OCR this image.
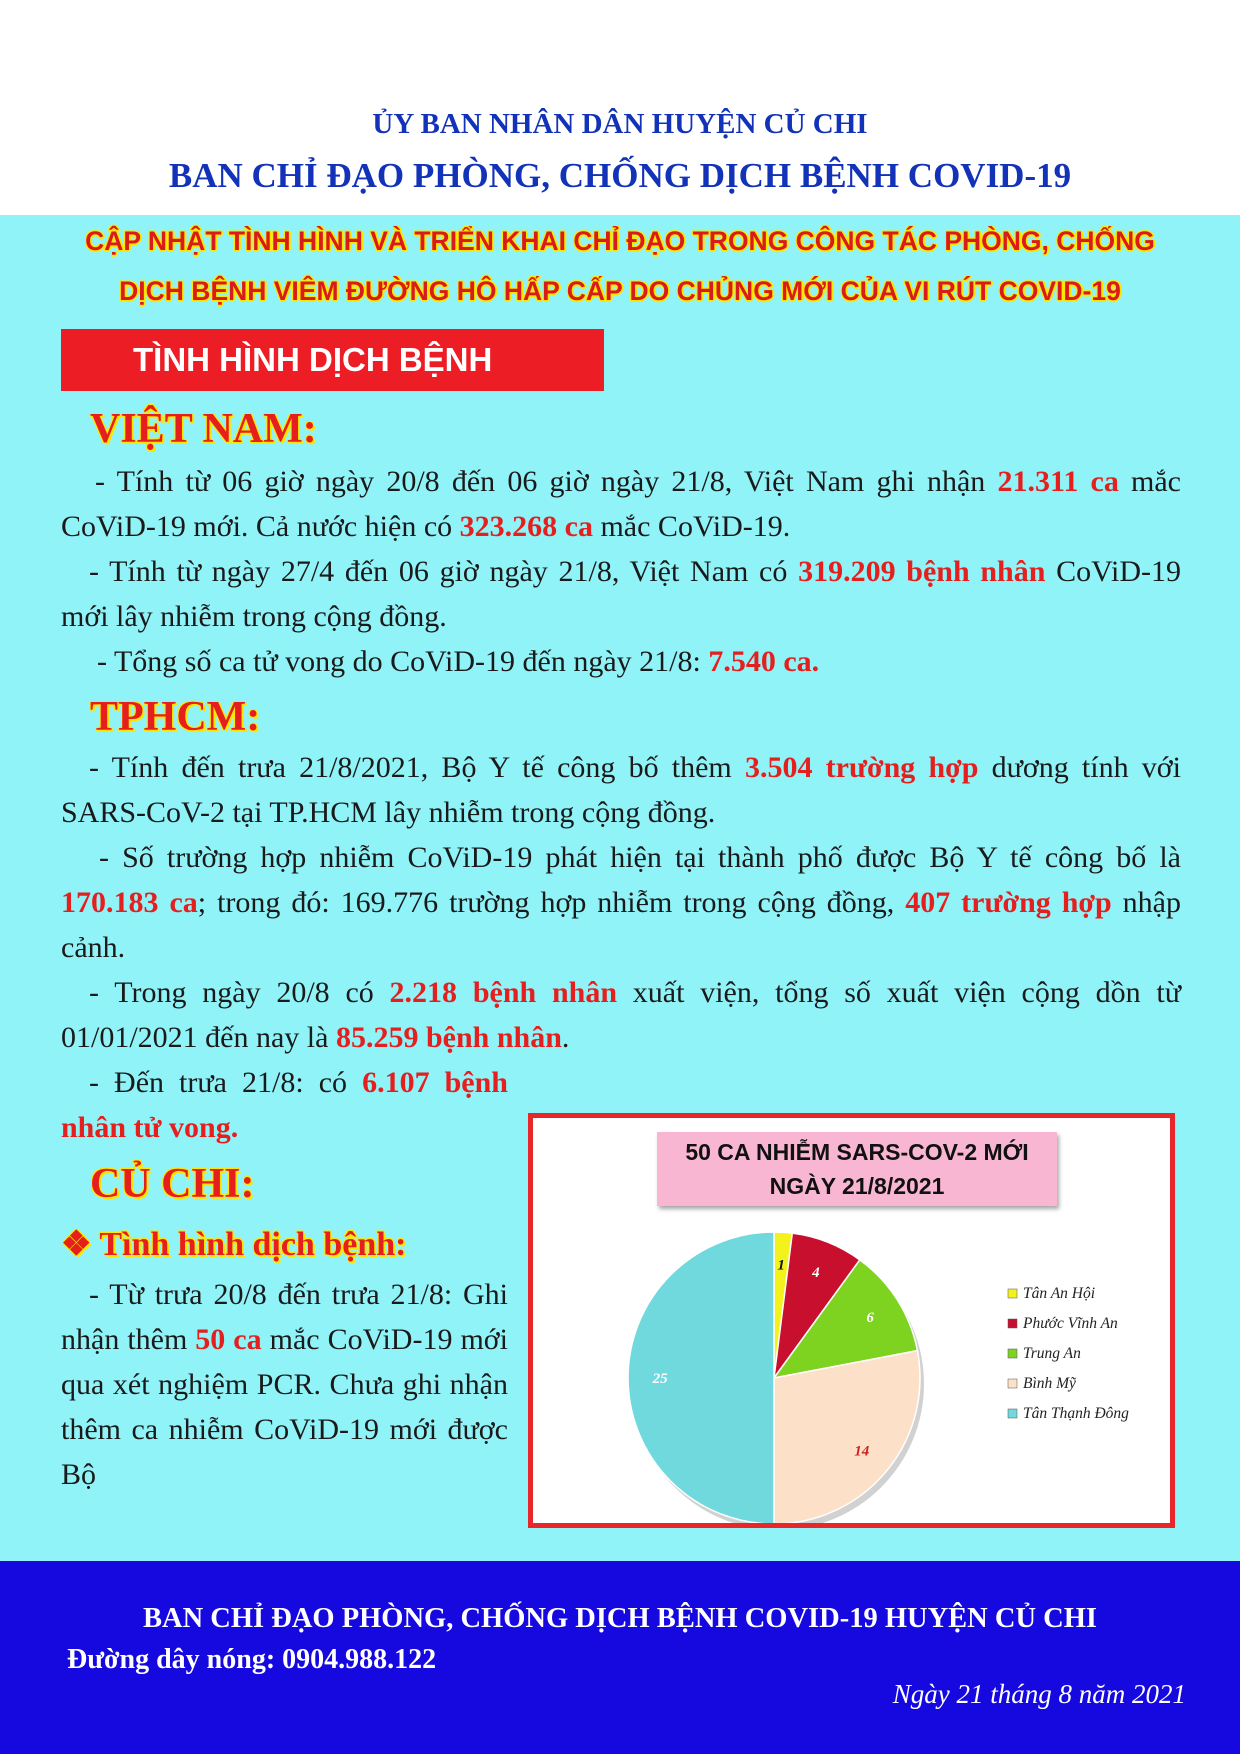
ỦY BAN NHÂN DÂN HUYỆN CỦ CHI
BAN CHỈ ĐẠO PHÒNG, CHỐNG DỊCH BỆNH COVID-19
CẬP NHẬT TÌNH HÌNH VÀ TRIỂN KHAI CHỈ ĐẠO TRONG CÔNG TÁC PHÒNG, CHỐNG
DỊCH BỆNH VIÊM ĐƯỜNG HÔ HẤP CẤP DO CHỦNG MỚI CỦA VI RÚT COVID-19
TÌNH HÌNH DỊCH BỆNH
VIỆT NAM:
- Tính từ 06 giờ ngày 20/8 đến 06 giờ ngày 21/8, Việt Nam ghi nhận 21.311 ca mắc CoViD-19 mới. Cả nước hiện có 323.268 ca mắc CoViD-19.
- Tính từ ngày 27/4 đến 06 giờ ngày 21/8, Việt Nam có 319.209 bệnh nhân CoViD-19 mới lây nhiễm trong cộng đồng.
- Tổng số ca tử vong do CoViD-19 đến ngày 21/8: 7.540 ca.
TPHCM:
- Tính đến trưa 21/8/2021, Bộ Y tế công bố thêm 3.504 trường hợp dương tính với SARS-CoV-2 tại TP.HCM lây nhiễm trong cộng đồng.
- Số trường hợp nhiễm CoViD-19 phát hiện tại thành phố được Bộ Y tế công bố là 170.183 ca; trong đó: 169.776 trường hợp nhiễm trong cộng đồng, 407 trường hợp nhập cảnh.
- Trong ngày 20/8 có 2.218 bệnh nhân xuất viện, tổng số xuất viện cộng dồn từ 01/01/2021 đến nay là 85.259 bệnh nhân.
- Đến trưa 21/8: có 6.107 bệnh nhân tử vong.
CỦ CHI:
❖ Tình hình dịch bệnh:
- Từ trưa 20/8 đến trưa 21/8: Ghi nhận thêm 50 ca mắc CoViD-19 mới qua xét nghiệm PCR. Chưa ghi nhận thêm ca nhiễm CoViD-19 mới được Bộ
50 CA NHIỄM SARS-COV-2 MỚI
NGÀY 21/8/2021
1 4
6
14
25
Tân An Hội
Phước Vĩnh An
Trung An
Bình Mỹ
Tân Thạnh Đông
BAN CHỈ ĐẠO PHÒNG, CHỐNG DỊCH BỆNH COVID-19 HUYỆN CỦ CHI
Đường dây nóng: 0904.988.122
Ngày 21 tháng 8 năm 2021
